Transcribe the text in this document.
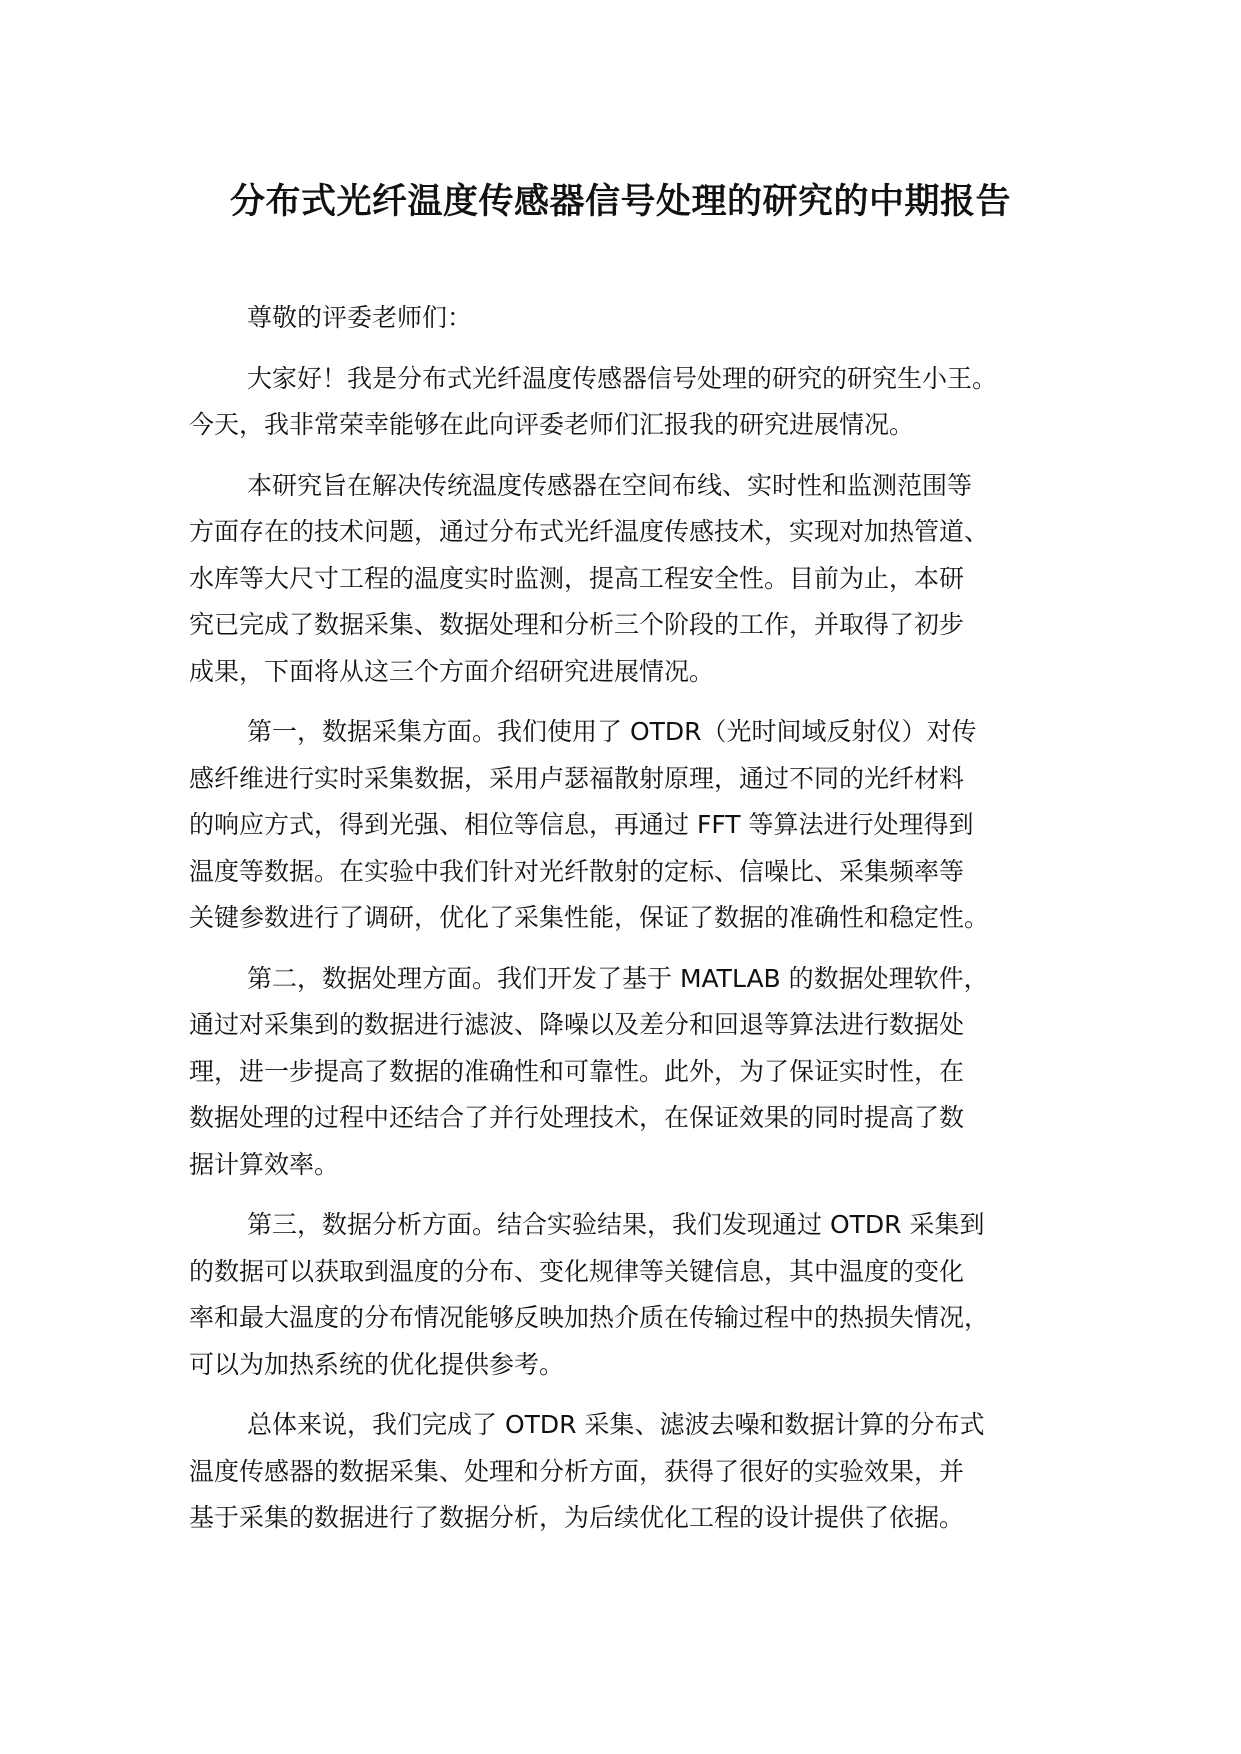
分布式光纤温度传感器信号处理的研究的中期报告

尊敬的评委老师们：

大家好！我是分布式光纤温度传感器信号处理的研究的研究生小王。

今天，我非常荣幸能够在此向评委老师们汇报我的研究进展情况。

本研究旨在解决传统温度传感器在空间布线、实时性和监测范围等

方面存在的技术问题，通过分布式光纤温度传感技术，实现对加热管道、

水库等大尺寸工程的温度实时监测，提高工程安全性。目前为止，本研

究已完成了数据采集、数据处理和分析三个阶段的工作，并取得了初步

成果，下面将从这三个方面介绍研究进展情况。

第一，数据采集方面。我们使用了 OTDR（光时间域反射仪）对传

感纤维进行实时采集数据，采用卢瑟福散射原理，通过不同的光纤材料

的响应方式，得到光强、相位等信息，再通过 FFT 等算法进行处理得到

温度等数据。在实验中我们针对光纤散射的定标、信噪比、采集频率等

关键参数进行了调研，优化了采集性能，保证了数据的准确性和稳定性。

第二，数据处理方面。我们开发了基于 MATLAB 的数据处理软件，

通过对采集到的数据进行滤波、降噪以及差分和回退等算法进行数据处

理，进一步提高了数据的准确性和可靠性。此外，为了保证实时性，在

数据处理的过程中还结合了并行处理技术，在保证效果的同时提高了数

据计算效率。

第三，数据分析方面。结合实验结果，我们发现通过 OTDR 采集到

的数据可以获取到温度的分布、变化规律等关键信息，其中温度的变化

率和最大温度的分布情况能够反映加热介质在传输过程中的热损失情况，

可以为加热系统的优化提供参考。

总体来说，我们完成了 OTDR 采集、滤波去噪和数据计算的分布式

温度传感器的数据采集、处理和分析方面，获得了很好的实验效果，并

基于采集的数据进行了数据分析，为后续优化工程的设计提供了依据。
